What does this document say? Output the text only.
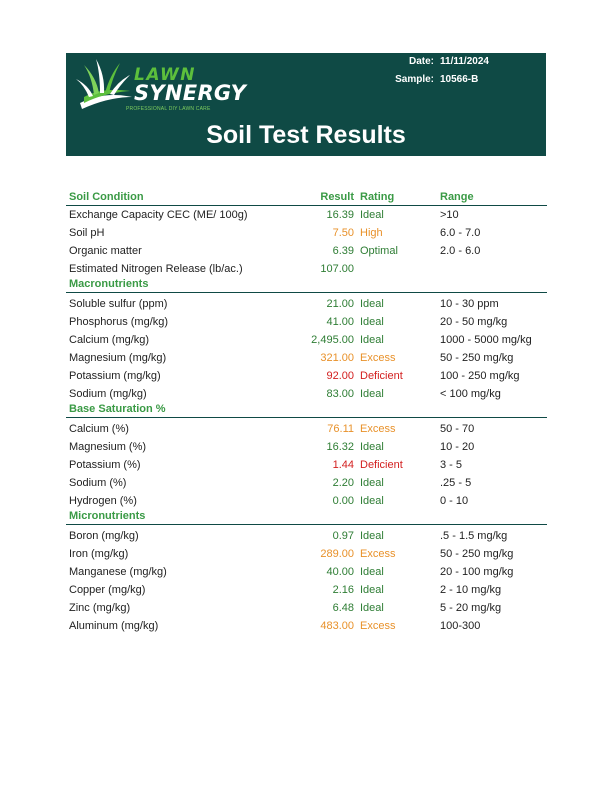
LAWN
SYNERGY
PROFESSIONAL DIY LAWN CARE
Date: 11/11/2024
Sample: 10566-B
Soil Test Results
Soil Condition	Result Rating	Range
Exchange Capacity CEC (ME/ 100g)	16.39 Ideal	>10
Soil pH	7.50 High	6.0 - 7.0
Organic matter	6.39 Optimal	2.0 - 6.0
Estimated Nitrogen Release (lb/ac.)	107.00
Macronutrients
Soluble sulfur (ppm)	21.00 Ideal	10 - 30 ppm
Phosphorus (mg/kg)	41.00 Ideal	20 - 50 mg/kg
Calcium (mg/kg)	2,495.00 Ideal	1000 - 5000 mg/kg
Magnesium (mg/kg)	321.00 Excess	50 - 250 mg/kg
Potassium (mg/kg)	92.00 Deficient	100 - 250 mg/kg
Sodium (mg/kg)	83.00 Ideal	< 100 mg/kg
Base Saturation %
Calcium (%)	76.11 Excess	50 - 70
Magnesium (%)	16.32 Ideal	10 - 20
Potassium (%)	1.44 Deficient	3 - 5
Sodium (%)	2.20 Ideal	.25 - 5
Hydrogen (%)	0.00 Ideal	0 - 10
Micronutrients
Boron (mg/kg)	0.97 Ideal	.5 - 1.5 mg/kg
Iron (mg/kg)	289.00 Excess	50 - 250 mg/kg
Manganese (mg/kg)	40.00 Ideal	20 - 100 mg/kg
Copper (mg/kg)	2.16 Ideal	2 - 10 mg/kg
Zinc (mg/kg)	6.48 Ideal	5 - 20 mg/kg
Aluminum (mg/kg)	483.00 Excess	100-300
